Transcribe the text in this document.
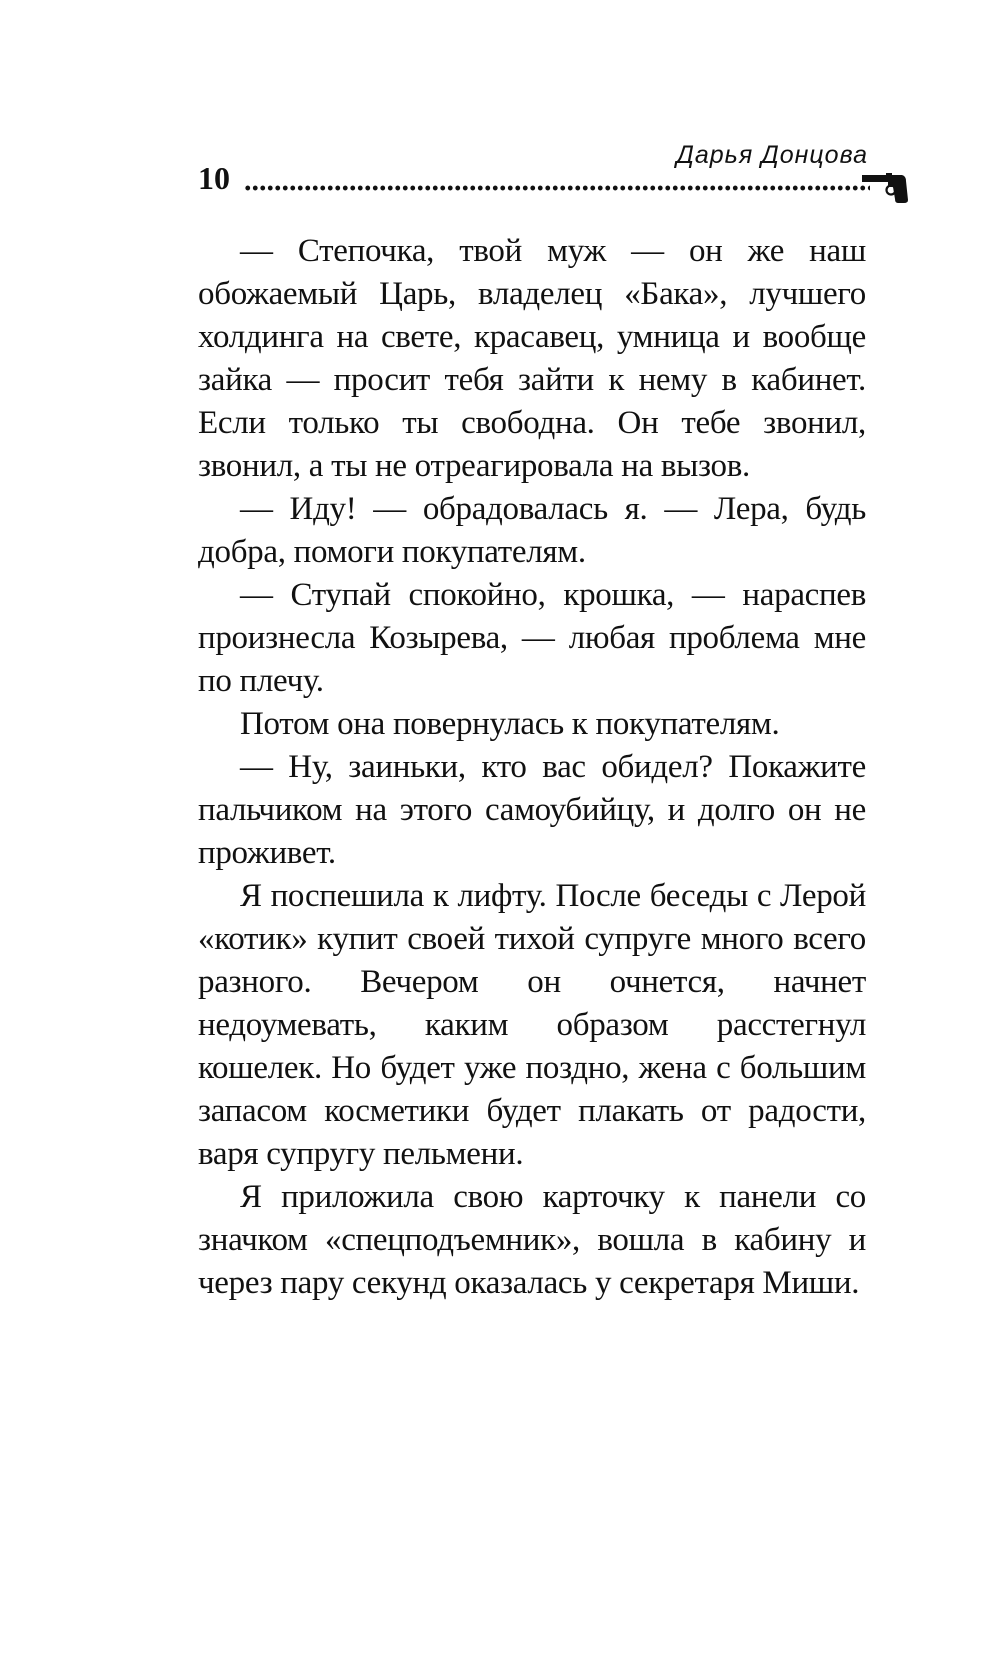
10
Дарья Донцова

— Степочка, твой муж — он же наш обожаемый Царь, владелец «Бака», лучшего холдинга на свете, красавец, умница и вообще зайка — просит тебя зайти к нему в кабинет. Если только ты свободна. Он тебе звонил, звонил, а ты не отреагировала на вызов.

— Иду! — обрадовалась я. — Лера, будь добра, помоги покупателям.

— Ступай спокойно, крошка, — нараспев произнесла Козырева, — любая проблема мне по плечу.

Потом она повернулась к покупателям.

— Ну, заиньки, кто вас обидел? Покажите пальчиком на этого самоубийцу, и долго он не проживет.

Я поспешила к лифту. После беседы с Лерой «котик» купит своей тихой супруге много всего разного. Вечером он очнется, начнет недоумевать, каким образом расстегнул кошелек. Но будет уже поздно, жена с большим запасом косметики будет плакать от радости, варя супругу пельмени.

Я приложила свою карточку к панели со значком «спецподъемник», вошла в кабину и через пару секунд оказалась у секретаря Миши.
